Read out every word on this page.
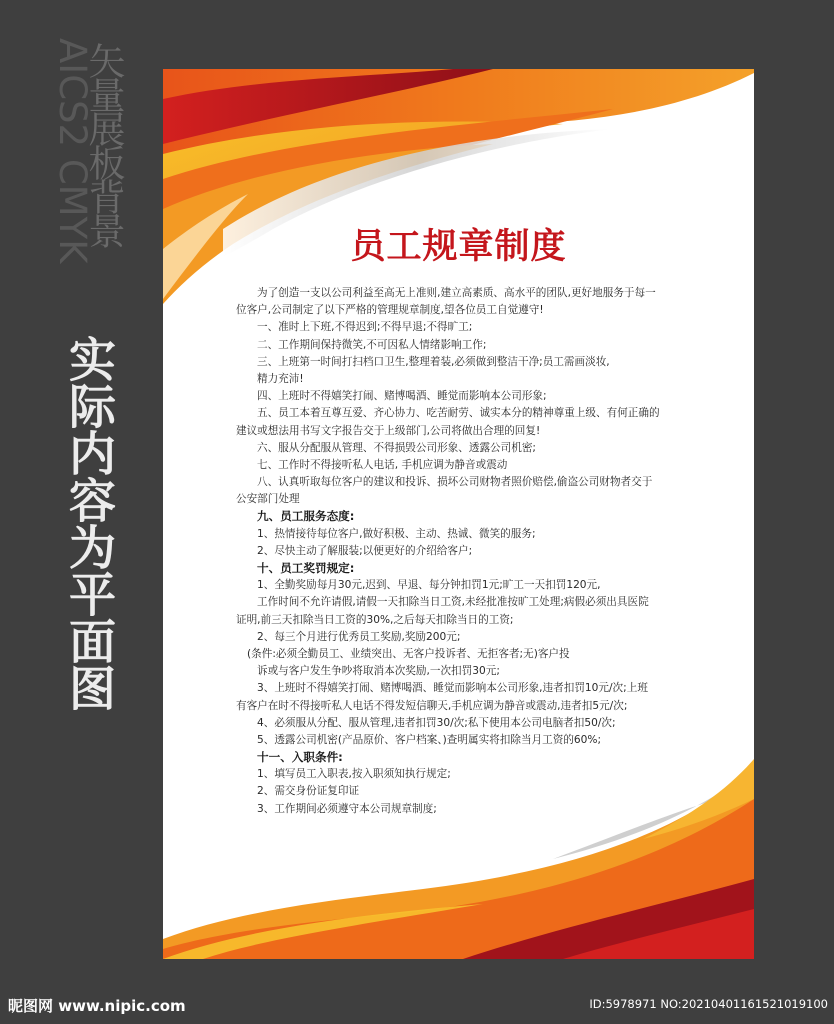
AICS2 CMYK
矢量展板背景
实际内容为平面图
员工规章制度
为了创造一支以公司利益至高无上准则,建立高素质、高水平的团队,更好地服务于每一
位客户,公司制定了以下严格的管理规章制度,望各位员工自觉遵守!
一、准时上下班,不得迟到;不得早退;不得旷工;
二、工作期间保持微笑,不可因私人情绪影响工作;
三、上班第一时间打扫档口卫生,整理着装,必须做到整洁干净;员工需画淡妆,
精力充沛!
四、上班时不得嬉笑打闹、赌博喝酒、睡觉而影响本公司形象;
五、员工本着互尊互爱、齐心协力、吃苦耐劳、诚实本分的精神尊重上级、有何正确的
建议或想法用书写文字报告交于上级部门,公司将做出合理的回复!
六、服从分配服从管理、不得损毁公司形象、透露公司机密;
七、工作时不得接听私人电话, 手机应调为静音或震动
八、认真听取每位客户的建议和投诉、损坏公司财物者照价赔偿,偷盗公司财物者交于
公安部门处理
九、员工服务态度:
1、热情接待每位客户,做好积极、主动、热诚、微笑的服务;
2、尽快主动了解服装;以便更好的介绍给客户;
十、员工奖罚规定:
1、全勤奖励每月30元,迟到、早退、每分钟扣罚1元;旷工一天扣罚120元,
工作时间不允许请假,请假一天扣除当日工资,未经批准按旷工处理;病假必须出具医院
证明,前三天扣除当日工资的30%,之后每天扣除当日的工资;
2、每三个月进行优秀员工奖励,奖励200元;
(条件:必须全勤员工、业绩突出、无客户投诉者、无拒客者;无)客户投
诉或与客户发生争吵将取消本次奖励,一次扣罚30元;
3、上班时不得嬉笑打闹、赌博喝酒、睡觉而影响本公司形象,违者扣罚10元/次;上班
有客户在时不得接听私人电话不得发短信聊天,手机应调为静音或震动,违者扣5元/次;
4、必须服从分配、服从管理,违者扣罚30/次;私下使用本公司电脑者扣50/次;
5、透露公司机密(产品原价、客户档案、)查明属实将扣除当月工资的60%;
十一、入职条件:
1、填写员工入职表,按入职须知执行规定;
2、需交身份证复印证
3、工作期间必须遵守本公司规章制度;
昵图网 www.nipic.com	ID:5978971 NO:20210401161521019100
